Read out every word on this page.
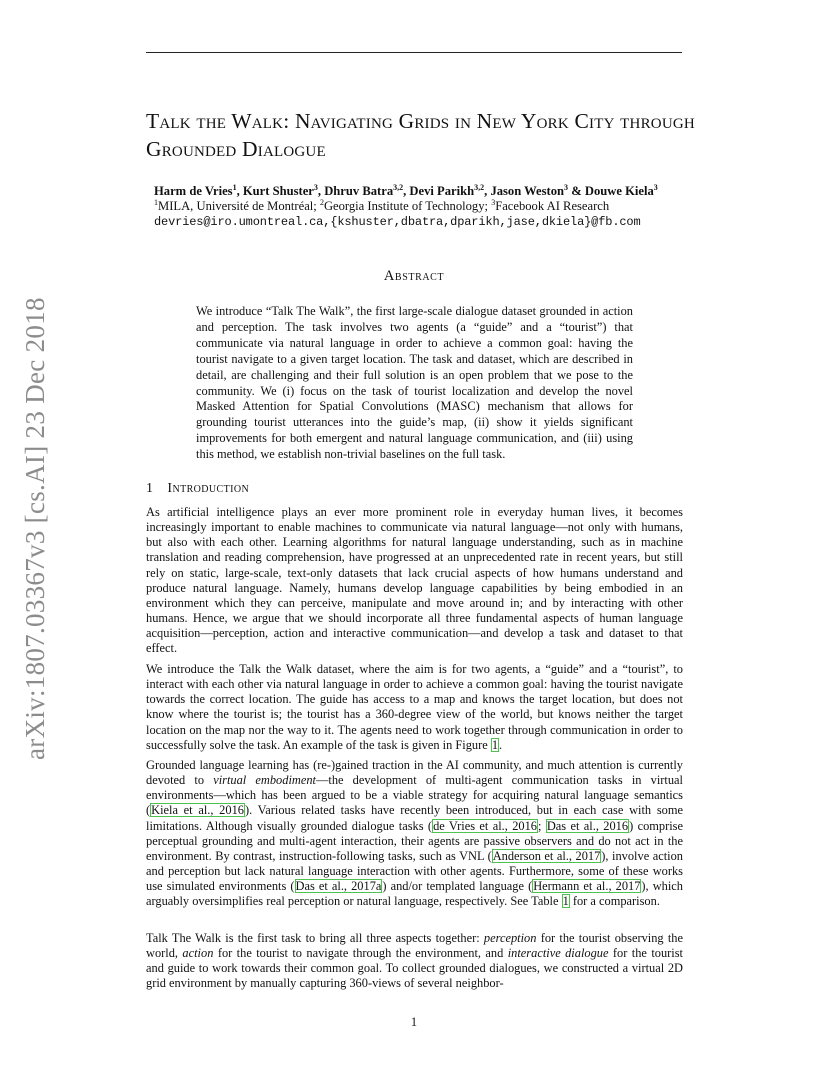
arXiv:1807.03367v3 [cs.AI] 23 Dec 2018
Talk the Walk: Navigating Grids in New York City through Grounded Dialogue
Harm de Vries$^1$, Kurt Shuster$^3$, Dhruv Batra$^{3,2}$, Devi Parikh$^{3,2}$, Jason Weston$^3$ & Douwe Kiela$^3$
$^1$MILA, Université de Montréal; $^2$Georgia Institute of Technology; $^3$Facebook AI Research
devries@iro.umontreal.ca,{kshuster,dbatra,dparikh,jase,dkiela}@fb.com
Abstract
We introduce “Talk The Walk”, the first large-scale dialogue dataset grounded in action and perception. The task involves two agents (a “guide” and a “tourist”) that communicate via natural language in order to achieve a common goal: having the tourist navigate to a given target location. The task and dataset, which are described in detail, are challenging and their full solution is an open problem that we pose to the community. We (i) focus on the task of tourist localization and develop the novel Masked Attention for Spatial Convolutions (MASC) mechanism that allows for grounding tourist utterances into the guide’s map, (ii) show it yields significant improvements for both emergent and natural language communication, and (iii) using this method, we establish non-trivial baselines on the full task.
1 Introduction

As artificial intelligence plays an ever more prominent role in everyday human lives, it becomes increasingly important to enable machines to communicate via natural language—not only with humans, but also with each other. Learning algorithms for natural language understanding, such as in machine translation and reading comprehension, have progressed at an unprecedented rate in recent years, but still rely on static, large-scale, text-only datasets that lack crucial aspects of how humans understand and produce natural language. Namely, humans develop language capabilities by being embodied in an environment which they can perceive, manipulate and move around in; and by interacting with other humans. Hence, we argue that we should incorporate all three fundamental aspects of human language acquisition—perception, action and interactive communication—and develop a task and dataset to that effect.

We introduce the Talk the Walk dataset, where the aim is for two agents, a “guide” and a “tourist”, to interact with each other via natural language in order to achieve a common goal: having the tourist navigate towards the correct location. The guide has access to a map and knows the target location, but does not know where the tourist is; the tourist has a 360-degree view of the world, but knows neither the target location on the map nor the way to it. The agents need to work together through communication in order to successfully solve the task. An example of the task is given in Figure 1.

Grounded language learning has (re-)gained traction in the AI community, and much attention is currently devoted to virtual embodiment—the development of multi-agent communication tasks in virtual environments—which has been argued to be a viable strategy for acquiring natural language semantics (Kiela et al., 2016). Various related tasks have recently been introduced, but in each case with some limitations. Although visually grounded dialogue tasks (de Vries et al., 2016; Das et al., 2016) comprise perceptual grounding and multi-agent interaction, their agents are passive observers and do not act in the environment. By contrast, instruction-following tasks, such as VNL (Anderson et al., 2017), involve action and perception but lack natural language interaction with other agents. Furthermore, some of these works use simulated environments (Das et al., 2017a) and/or templated language (Hermann et al., 2017), which arguably oversimplifies real perception or natural language, respectively. See Table 1 for a comparison.

Talk The Walk is the first task to bring all three aspects together: perception for the tourist observing the world, action for the tourist to navigate through the environment, and interactive dialogue for the tourist and guide to work towards their common goal. To collect grounded dialogues, we constructed a virtual 2D grid environment by manually capturing 360-views of several neighbor-

1
